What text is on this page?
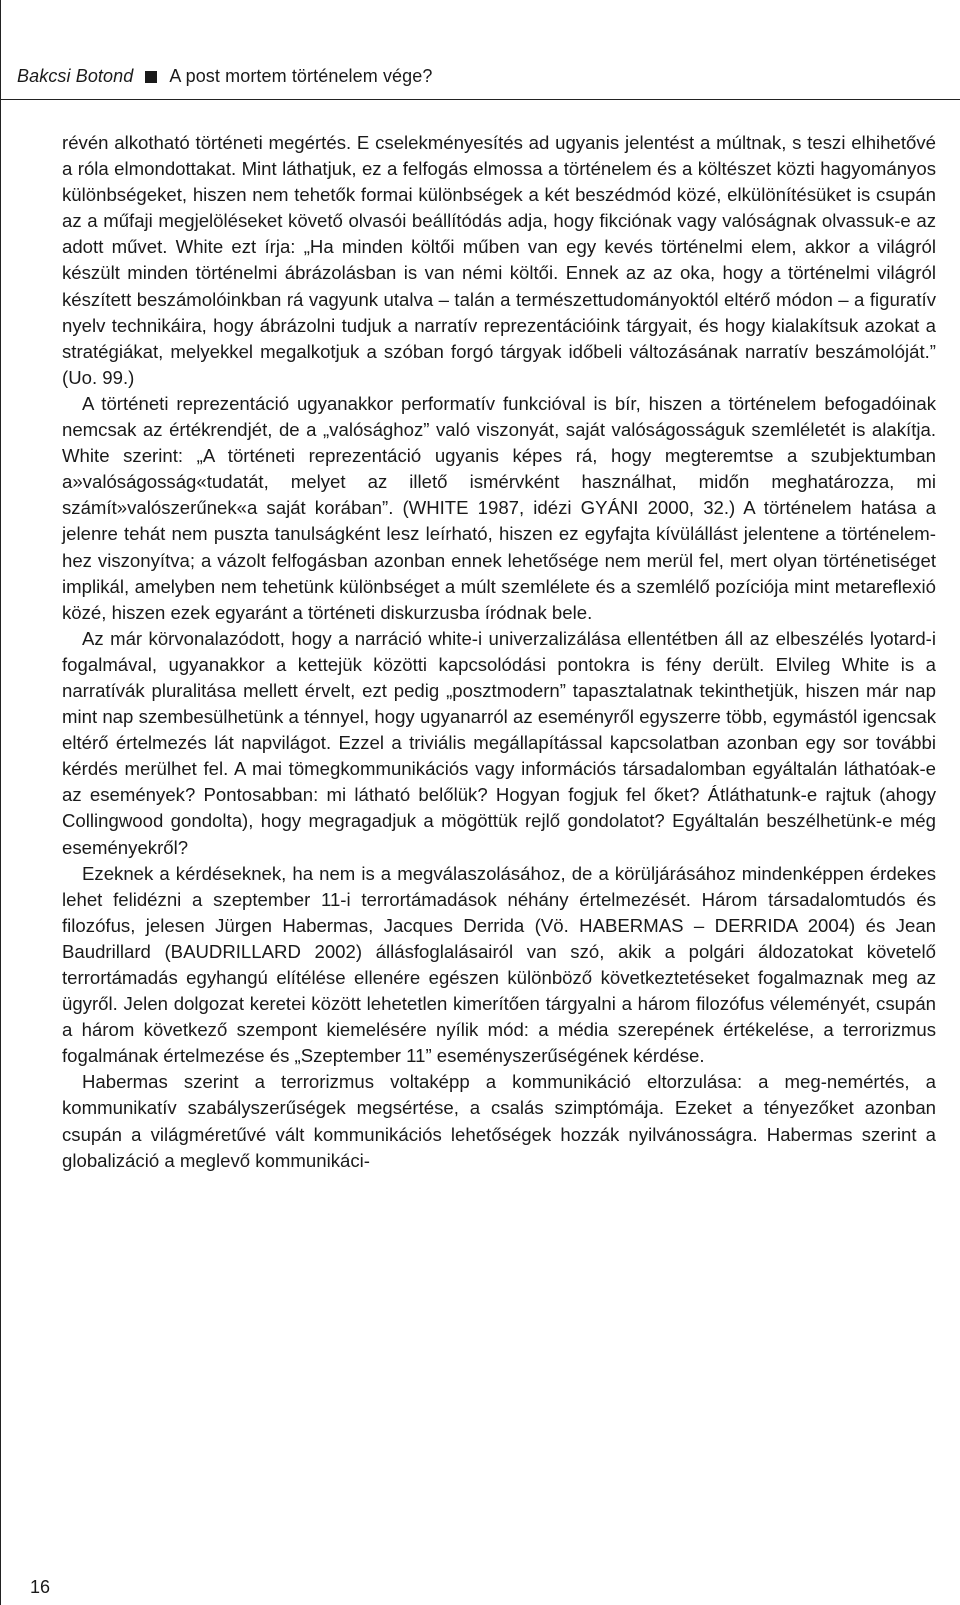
Bakcsi Botond A post mortem történelem vége?

révén alkotható történeti megértés. E cselekményesítés ad ugyanis jelentést a múltnak, s teszi elhihetővé a róla elmondottakat. Mint láthatjuk, ez a felfogás elmossa a történelem és a költészet közti hagyományos különbségeket, hiszen nem tehetők formai különbségek a két beszédmód közé, elkülönítésüket is csupán az a műfaji megjelöléseket követő olvasói beállítódás adja, hogy fikciónak vagy valóságnak olvassuk-e az adott művet. White ezt írja: „Ha minden költői műben van egy kevés történelmi elem, akkor a világról készült minden történelmi ábrázolásban is van némi költői. Ennek az az oka, hogy a történelmi világról készített beszámolóinkban rá vagyunk utalva – talán a természettudományoktól eltérő módon – a figuratív nyelv technikáira, hogy ábrázolni tudjuk a narratív reprezentációink tárgyait, és hogy kialakítsuk azokat a stratégiákat, melyekkel megalkotjuk a szóban forgó tárgyak időbeli változásának narratív beszámolóját.” (Uo. 99.)

A történeti reprezentáció ugyanakkor performatív funkcióval is bír, hiszen a történelem befogadóinak nemcsak az értékrendjét, de a „valósághoz” való viszonyát, saját valóságosságuk szemléletét is alakítja. White szerint: „A történeti reprezentáció ugyanis képes rá, hogy megteremtse a szubjektumban a»valóságosság«tudatát, melyet az illető ismérvként használhat, midőn meghatározza, mi számít»valószerűnek«a saját korában”. (WHITE 1987, idézi GYÁNI 2000, 32.) A történelem hatása a jelenre tehát nem puszta tanulságként lesz leírható, hiszen ez egyfajta kívülállást jelentene a történelemhez viszonyítva; a vázolt felfogásban azonban ennek lehetősége nem merül fel, mert olyan történetiséget implikál, amelyben nem tehetünk különbséget a múlt szemlélete és a szemlélő pozíciója mint metareflexió közé, hiszen ezek egyaránt a történeti diskurzusba íródnak bele.

Az már körvonalazódott, hogy a narráció white-i univerzalizálása ellentétben áll az elbeszélés lyotard-i fogalmával, ugyanakkor a kettejük közötti kapcsolódási pontokra is fény derült. Elvileg White is a narratívák pluralitása mellett érvelt, ezt pedig „posztmodern” tapasztalatnak tekinthetjük, hiszen már nap mint nap szembesülhetünk a ténnyel, hogy ugyanarról az eseményről egyszerre több, egymástól igencsak eltérő értelmezés lát napvilágot. Ezzel a triviális megállapítással kapcsolatban azonban egy sor további kérdés merülhet fel. A mai tömegkommunikációs vagy információs társadalomban egyáltalán láthatóak-e az események? Pontosabban: mi látható belőlük? Hogyan fogjuk fel őket? Átláthatunk-e rajtuk (ahogy Collingwood gondolta), hogy megragadjuk a mögöttük rejlő gondolatot? Egyáltalán beszélhetünk-e még eseményekről?

Ezeknek a kérdéseknek, ha nem is a megválaszolásához, de a körüljárásához mindenképpen érdekes lehet felidézni a szeptember 11-i terrortámadások néhány értelmezését. Három társadalomtudós és filozófus, jelesen Jürgen Habermas, Jacques Derrida (Vö. HABERMAS – DERRIDA 2004) és Jean Baudrillard (BAUDRILLARD 2002) állásfoglalásairól van szó, akik a polgári áldozatokat követelő terrortámadás egyhangú elítélése ellenére egészen különböző következtetéseket fogalmaznak meg az ügyről. Jelen dolgozat keretei között lehetetlen kimerítően tárgyalni a három filozófus véleményét, csupán a három következő szempont kiemelésére nyílik mód: a média szerepének értékelése, a terrorizmus fogalmának értelmezése és „Szeptember 11” eseményszerűségének kérdése.

Habermas szerint a terrorizmus voltaképp a kommunikáció eltorzulása: a meg-nemértés, a kommunikatív szabályszerűségek megsértése, a csalás szimptómája. Ezeket a tényezőket azonban csupán a világméretűvé vált kommunikációs lehetőségek hozzák nyilvánosságra. Habermas szerint a globalizáció a meglevő kommunikáci-

16
